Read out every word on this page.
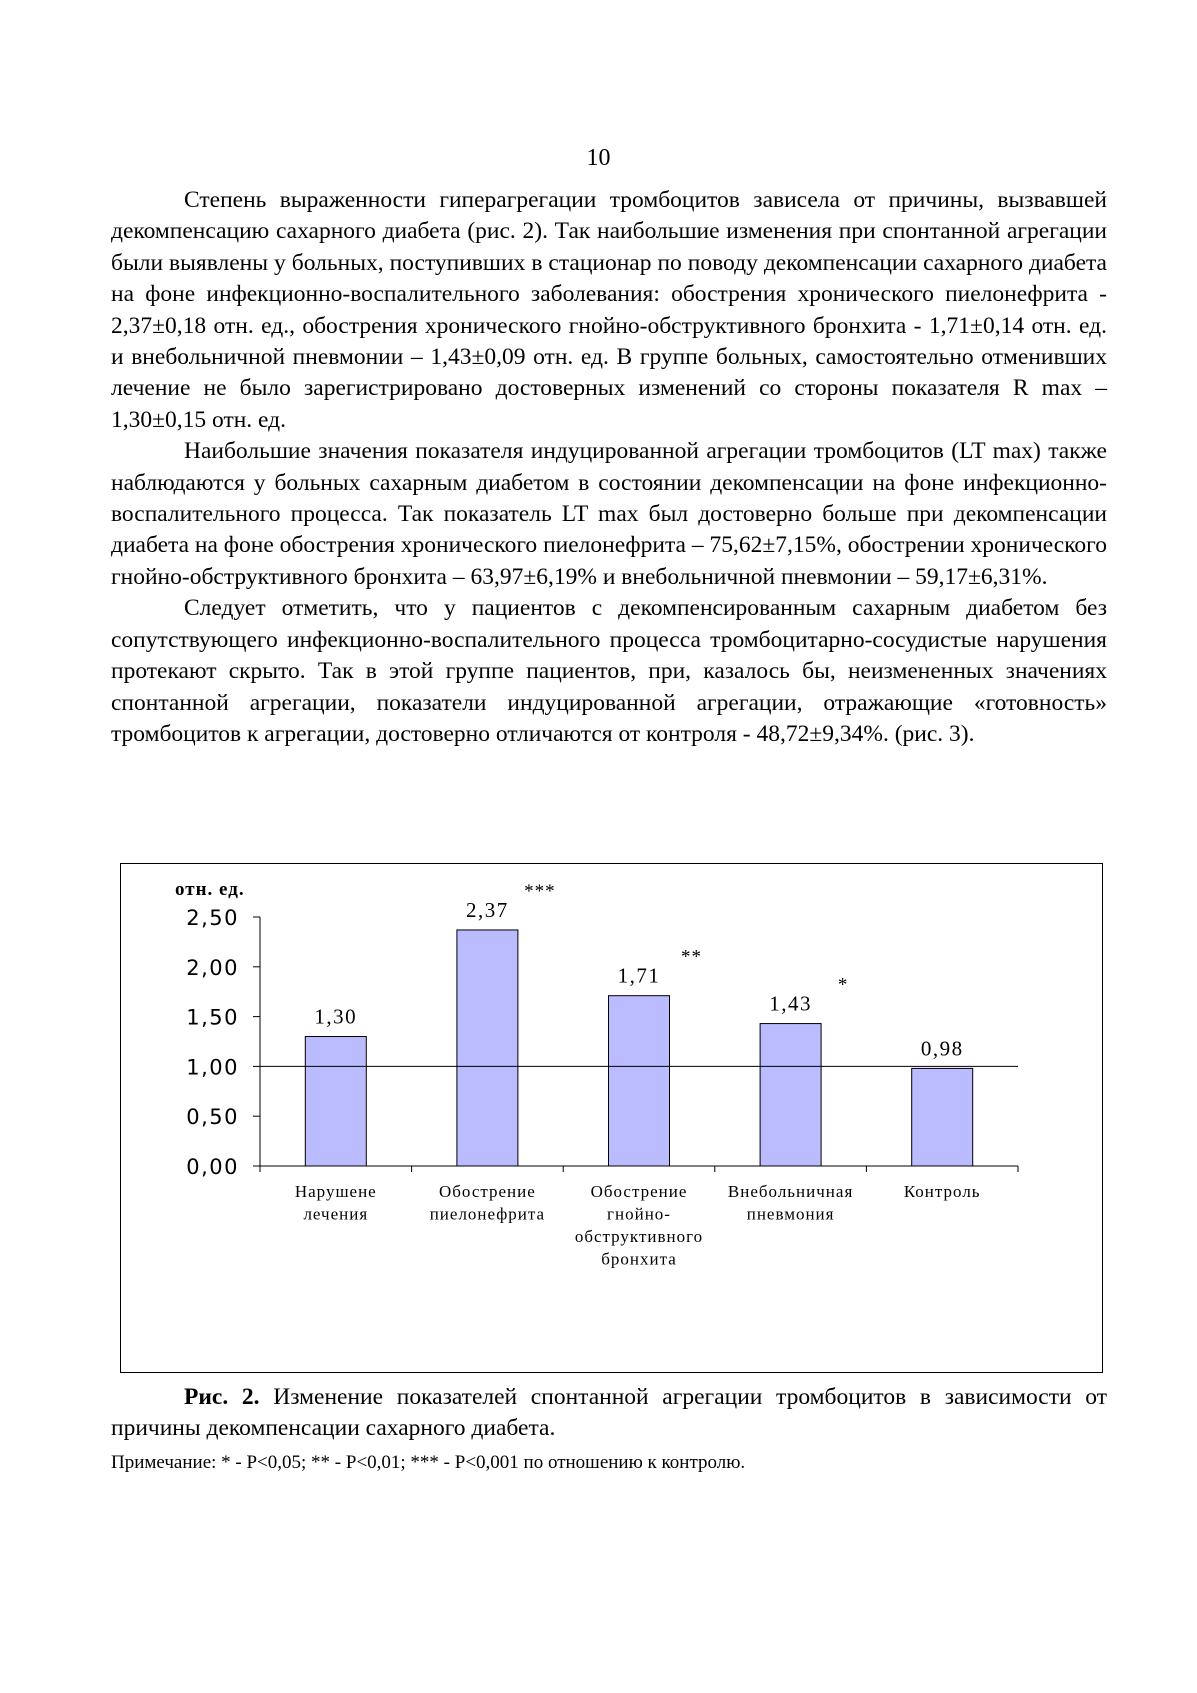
10

Степень выраженности гиперагрегации тромбоцитов зависела от причины, вызвавшей декомпенсацию сахарного диабета (рис. 2). Так наибольшие изменения при спонтанной агрегации были выявлены у больных, поступивших в стационар по поводу декомпенсации сахарного диабета на фоне инфекционно-воспалительного заболевания: обострения хронического пиелонефрита - 2,37±0,18 отн. ед., обострения хронического гнойно-обструктивного бронхита - 1,71±0,14 отн. ед. и внебольничной пневмонии – 1,43±0,09 отн. ед. В группе больных, самостоятельно отменивших лечение не было зарегистрировано достоверных изменений со стороны показателя R max – 1,30±0,15 отн. ед.

Наибольшие значения показателя индуцированной агрегации тромбоцитов (LT max) также наблюдаются у больных сахарным диабетом в состоянии декомпенсации на фоне инфекционно-воспалительного процесса. Так показатель LT max был достоверно больше при декомпенсации диабета на фоне обострения хронического пиелонефрита – 75,62±7,15%, обострении хронического гнойно-обструктивного бронхита – 63,97±6,19% и внебольничной пневмонии – 59,17±6,31%.

Следует отметить, что у пациентов с декомпенсированным сахарным диабетом без сопутствующего инфекционно-воспалительного процесса тромбоцитарно-сосудистые нарушения протекают скрыто. Так в этой группе пациентов, при, казалось бы, неизмененных значениях спонтанной агрегации, показатели индуцированной агрегации, отражающие «готовность» тромбоцитов к агрегации, достоверно отличаются от контроля - 48,72±9,34%. (рис. 3).

отн. ед.
0,00
0,50
1,00
1,50
2,00
2,50
1,30
2,37
***
1,71
**
1,43
*
0,98
Нарушене
лечения
Обострение
пиелонефрита
Обострение
гнойно-
обструктивного
бронхита
Внебольничная
пневмония
Контроль
Рис. 2. Изменение показателей спонтанной агрегации тромбоцитов в зависимости от причины декомпенсации сахарного диабета.
Примечание: * - P<0,05; ** - P<0,01; *** - P<0,001 по отношению к контролю.
